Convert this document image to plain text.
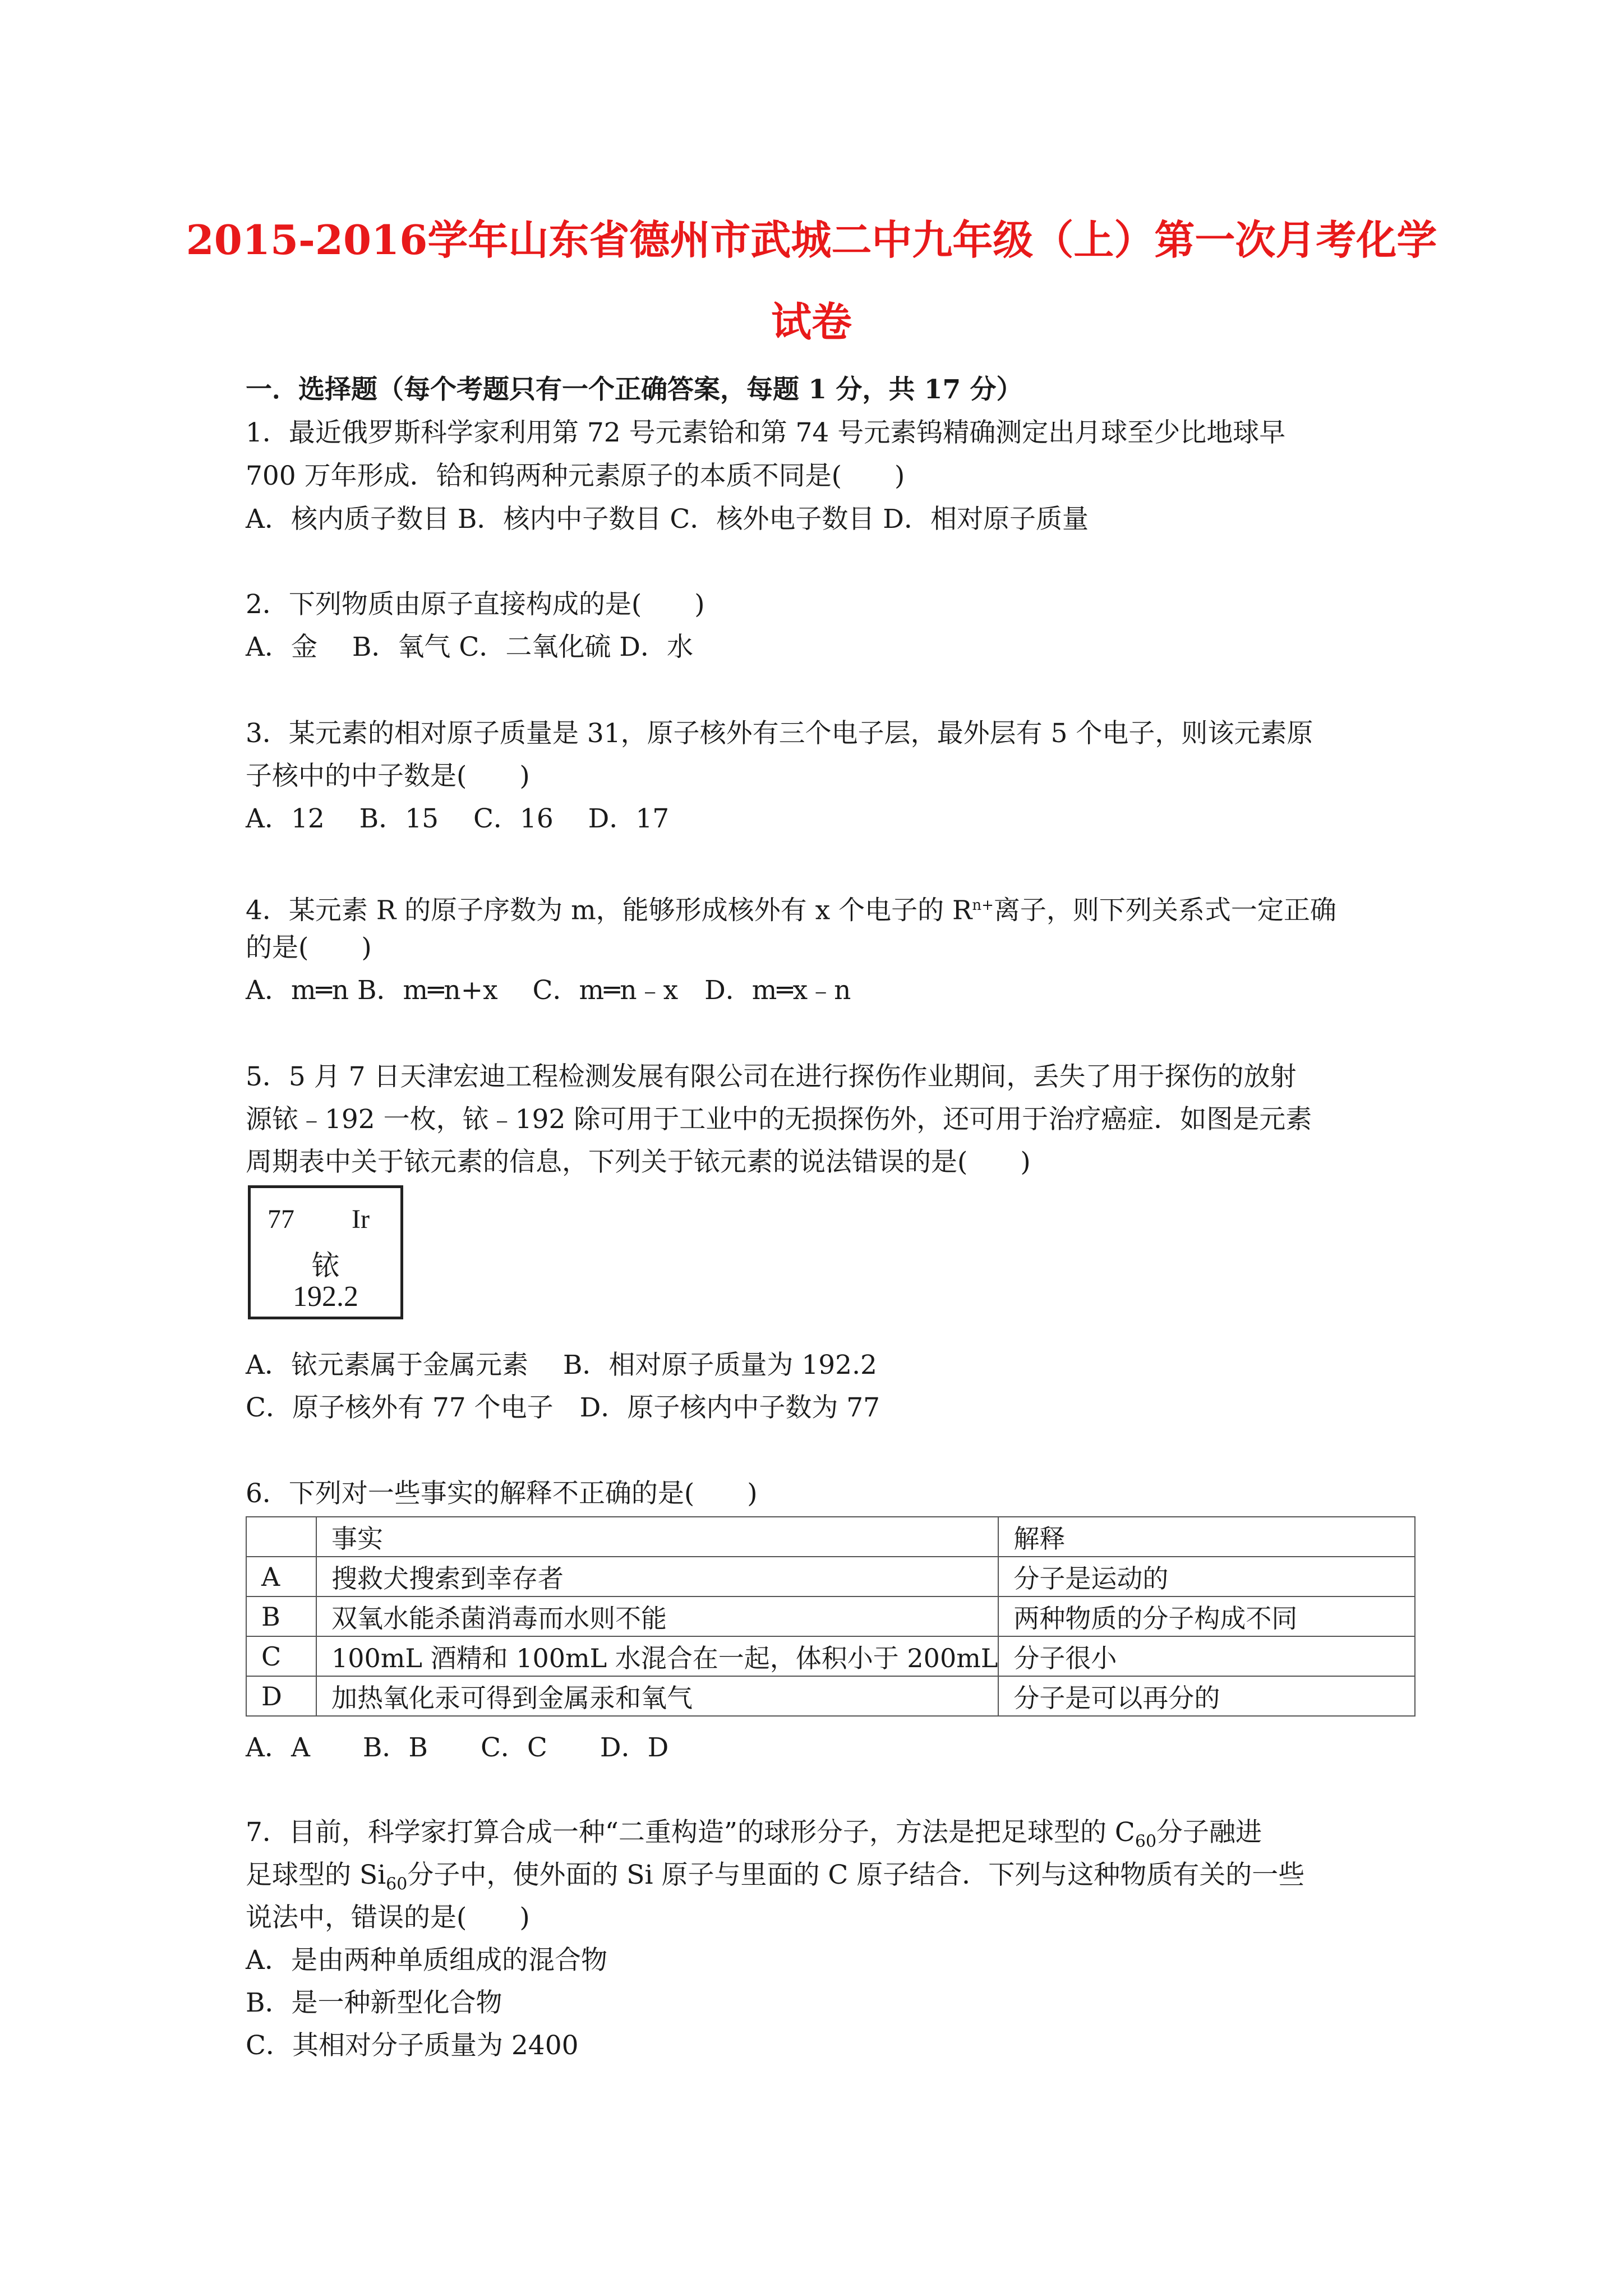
2015-2016学年山东省德州市武城二中九年级（上）第一次月考化学
试卷
一．选择题（每个考题只有一个正确答案，每题 1 分，共 17 分）
1．最近俄罗斯科学家利用第 72 号元素铪和第 74 号元素钨精确测定出月球至少比地球早
700 万年形成．铪和钨两种元素原子的本质不同是(　　)
A．核内质子数目 B．核内中子数目 C．核外电子数目 D．相对原子质量
2．下列物质由原子直接构成的是(　　)
A．金　 B．氧气 C．二氧化硫 D．水
3．某元素的相对原子质量是 31，原子核外有三个电子层，最外层有 5 个电子，则该元素原
子核中的中子数是(　　)
A．12　 B．15　 C．16　 D．17
4．某元素 R 的原子序数为 m，能够形成核外有 x 个电子的 $R^{n+}$离子，则下列关系式一定正确
的是(　　)
A．m═n B．m═n+x　 C．m═n﹣x　D．m═x﹣n
5．5 月 7 日天津宏迪工程检测发展有限公司在进行探伤作业期间，丢失了用于探伤的放射
源铱﹣192 一枚，铱﹣192 除可用于工业中的无损探伤外，还可用于治疗癌症．如图是元素
周期表中关于铱元素的信息，下列关于铱元素的说法错误的是(　　)
77 Ir
铱
192.2
A．铱元素属于金属元素　 B．相对原子质量为 192.2
C．原子核外有 77 个电子　D．原子核内中子数为 77
6．下列对一些事实的解释不正确的是(　　)
	事实	解释
A	搜救犬搜索到幸存者	分子是运动的
B	双氧水能杀菌消毒而水则不能	两种物质的分子构成不同
C	100mL 酒精和 100mL 水混合在一起，体积小于 200mL	分子很小
D	加热氧化汞可得到金属汞和氧气	分子是可以再分的
A．A　　B．B　　C．C　　D．D
7．目前，科学家打算合成一种“二重构造”的球形分子，方法是把足球型的 $C_{60}$分子融进
足球型的 $Si_{60}$分子中，使外面的 Si 原子与里面的 C 原子结合．下列与这种物质有关的一些
说法中，错误的是(　　)
A．是由两种单质组成的混合物
B．是一种新型化合物
C．其相对分子质量为 2400
